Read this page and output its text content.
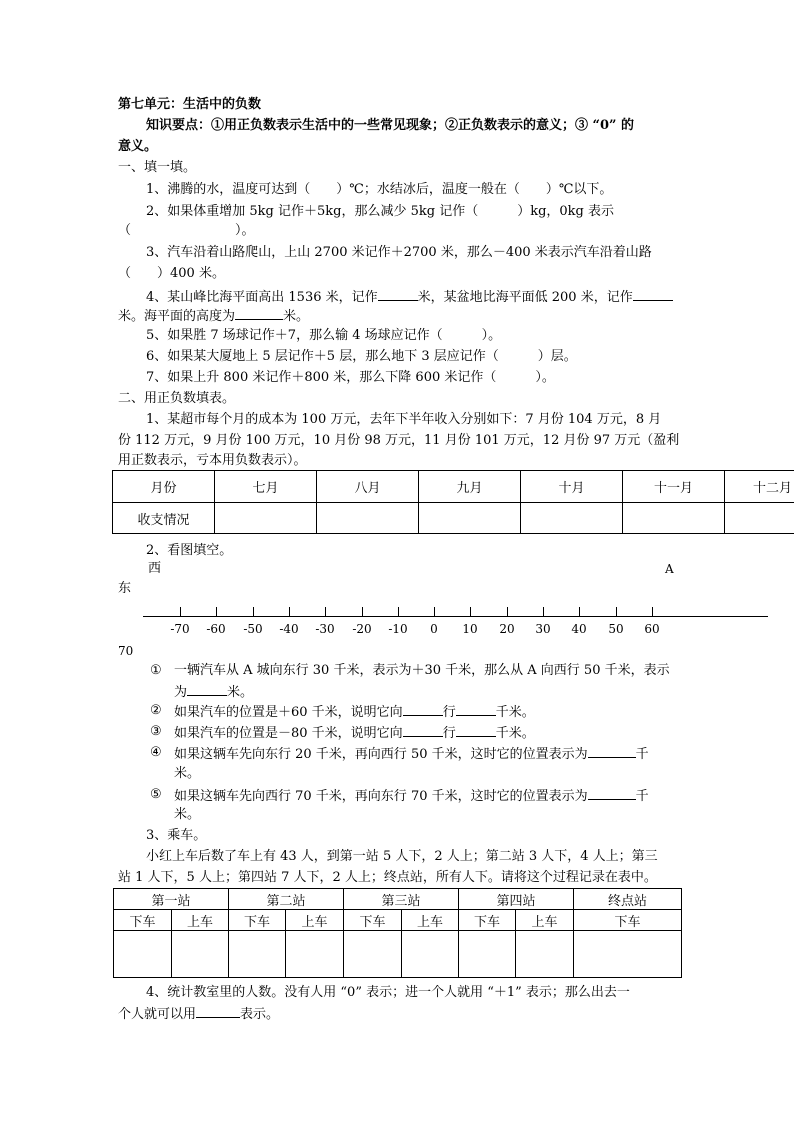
第七单元：生活中的负数
知识要点：①用正负数表示生活中的一些常见现象；②正负数表示的意义；③ “0” 的
意义。
一、填一填。
1、沸腾的水，温度可达到（　　）℃；水结冰后，温度一般在（　　）℃以下。
2、如果体重增加 5kg 记作＋5kg，那么减少 5kg 记作（　　　）kg，0kg 表示
（　　　　　　　　）。
3、汽车沿着山路爬山，上山 2700 米记作＋2700 米，那么－400 米表示汽车沿着山路
（　　）400 米。
4、某山峰比海平面高出 1536 米，记作	米，某盆地比海平面低 200 米，记作
米。海平面的高度为	米。
5、如果胜 7 场球记作＋7，那么输 4 场球应记作（　　　）。
6、如果某大厦地上 5 层记作＋5 层，那么地下 3 层应记作（　　　）层。
7、如果上升 800 米记作＋800 米，那么下降 600 米记作（　　　）。
二、用正负数填表。
1、某超市每个月的成本为 100 万元，去年下半年收入分别如下：7 月份 104 万元，8 月
份 112 万元，9 月份 100 万元，10 月份 98 万元，11 月份 101 万元，12 月份 97 万元（盈利
用正数表示，亏本用负数表示）。
月份	七月	八月	九月	十月	十一月	十二月
收支情况						
2、看图填空。
西	A
东
-70 -60 -50 -40 -30 -20 -10 0 10 20 30 40 50 60
70
① 一辆汽车从 A 城向东行 30 千米，表示为＋30 千米，那么从 A 向西行 50 千米，表示
为	米。
② 如果汽车的位置是＋60 千米，说明它向	行	千米。
③ 如果汽车的位置是－80 千米，说明它向	行	千米。
④ 如果这辆车先向东行 20 千米，再向西行 50 千米，这时它的位置表示为	千
米。
⑤ 如果这辆车先向西行 70 千米，再向东行 70 千米，这时它的位置表示为	千
米。
3、乘车。
小红上车后数了车上有 43 人，到第一站 5 人下，2 人上；第二站 3 人下，4 人上；第三
站 1 人下，5 人上；第四站 7 人下，2 人上；终点站，所有人下。请将这个过程记录在表中。
第一站		第二站		第三站		第四站		终点站
下车	上车	下车	上车	下车	上车	下车	上车	下车

4、统计教室里的人数。没有人用 “0” 表示；进一个人就用 “＋1” 表示；那么出去一
个人就可以用	表示。
